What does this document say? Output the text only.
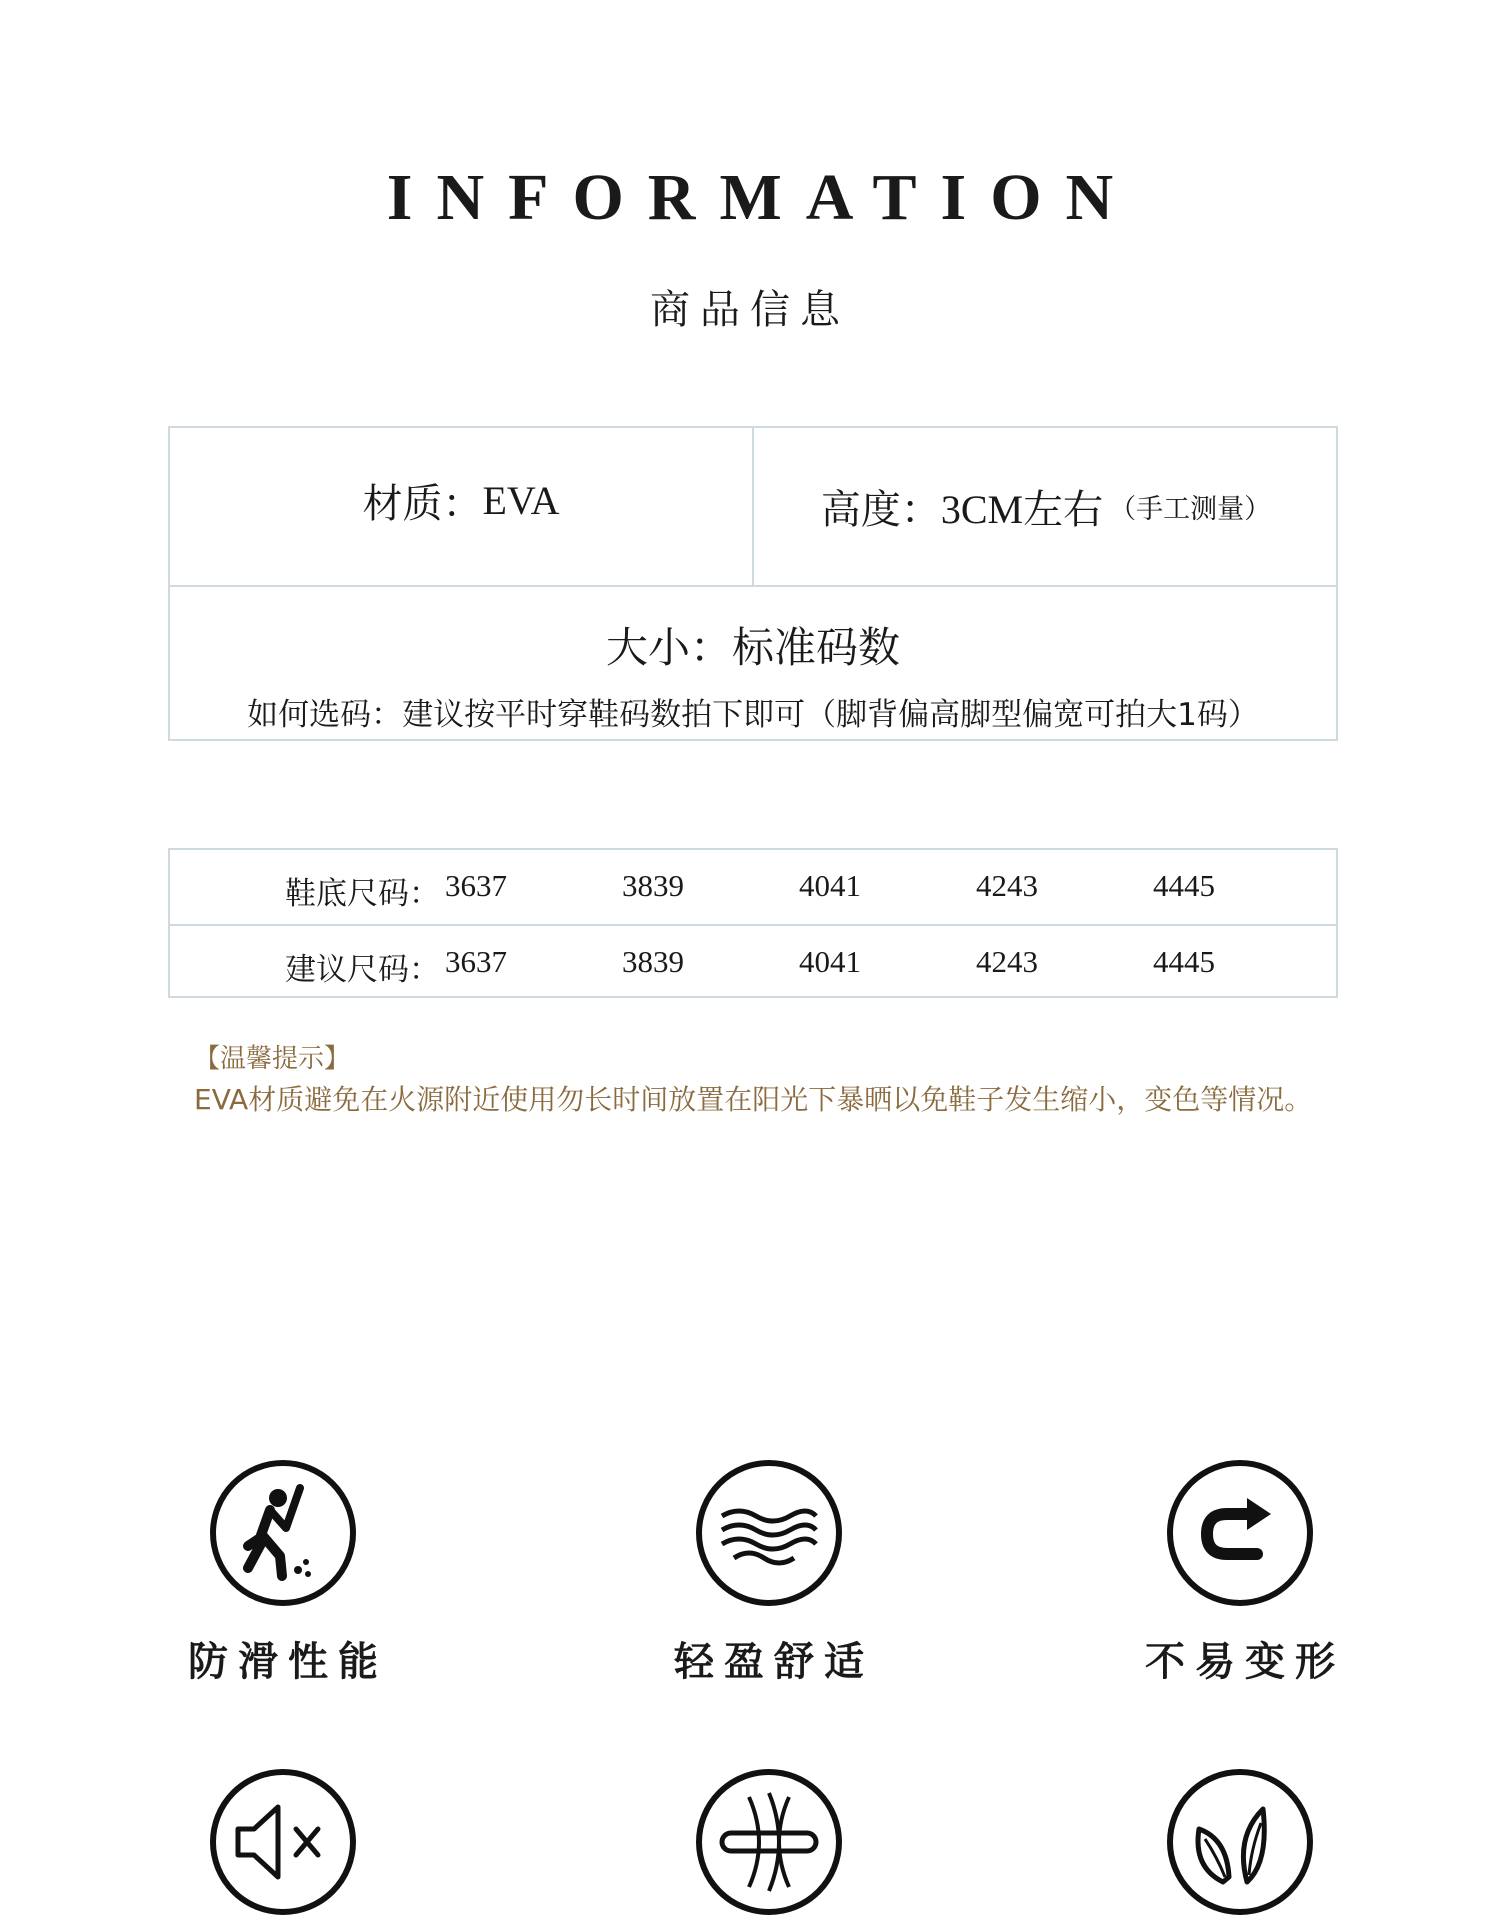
INFORMATION
商品信息
材质： EVA	高度： 3CM左右 （手工测量）
大小：标准码数
如何选码：建议按平时穿鞋码数拍下即可（脚背偏高脚型偏宽可拍大1码）
鞋底尺码： 3637	3839	4041	4243	4445
建议尺码： 3637	3839	4041	4243	4445
【温馨提示】
EVA材质避免在火源附近使用勿长时间放置在阳光下暴晒以免鞋子发生缩小，变色等情况。
防滑性能	轻盈舒适	不易变形
